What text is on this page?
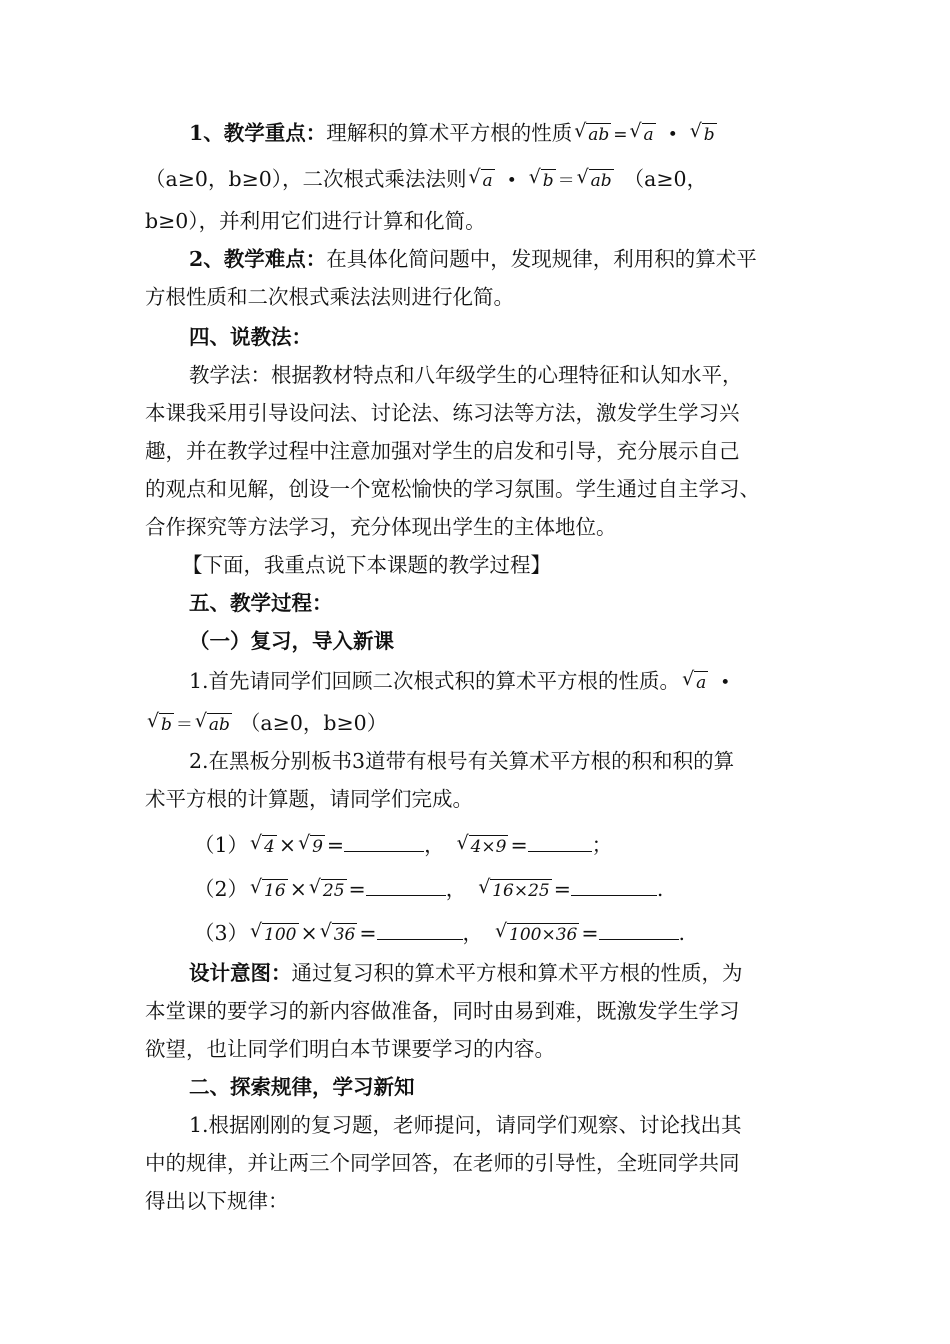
1、教学重点：理解积的算术平方根的性质 √ ab = √ a • √ b
（a≥0，b≥0），二次根式乘法法则 √ a • √ b ＝ √ ab （a≥0，
b≥0），并利用它们进行计算和化简。
2、教学难点：在具体化简问题中，发现规律，利用积的算术平
方根性质和二次根式乘法法则进行化简。
四、说教法：
教学法：根据教材特点和八年级学生的心理特征和认知水平，
本课我采用引导设问法、讨论法、练习法等方法，激发学生学习兴
趣，并在教学过程中注意加强对学生的启发和引导，充分展示自己
的观点和见解，创设一个宽松愉快的学习氛围。学生通过自主学习、
合作探究等方法学习，充分体现出学生的主体地位。
【下面，我重点说下本课题的教学过程】
五、教学过程：
（一）复习，导入新课
1.首先请同学们回顾二次根式积的算术平方根的性质。 √ a •
√ b ＝ √ ab （a≥0，b≥0）
2.在黑板分别板书3道带有根号有关算术平方根的积和积的算
术平方根的计算题，请同学们完成。
（1） √ 4 × √ 9 =	， √ 4×9 =	；
（2） √ 16 × √ 25 =	， √ 16×25 =	.
（3） √ 100 × √ 36 =	， √ 100×36 =	.
设计意图：通过复习积的算术平方根和算术平方根的性质，为
本堂课的要学习的新内容做准备，同时由易到难，既激发学生学习
欲望，也让同学们明白本节课要学习的内容。
二、探索规律，学习新知
1.根据刚刚的复习题，老师提问，请同学们观察、讨论找出其
中的规律，并让两三个同学回答，在老师的引导性，全班同学共同
得出以下规律：
